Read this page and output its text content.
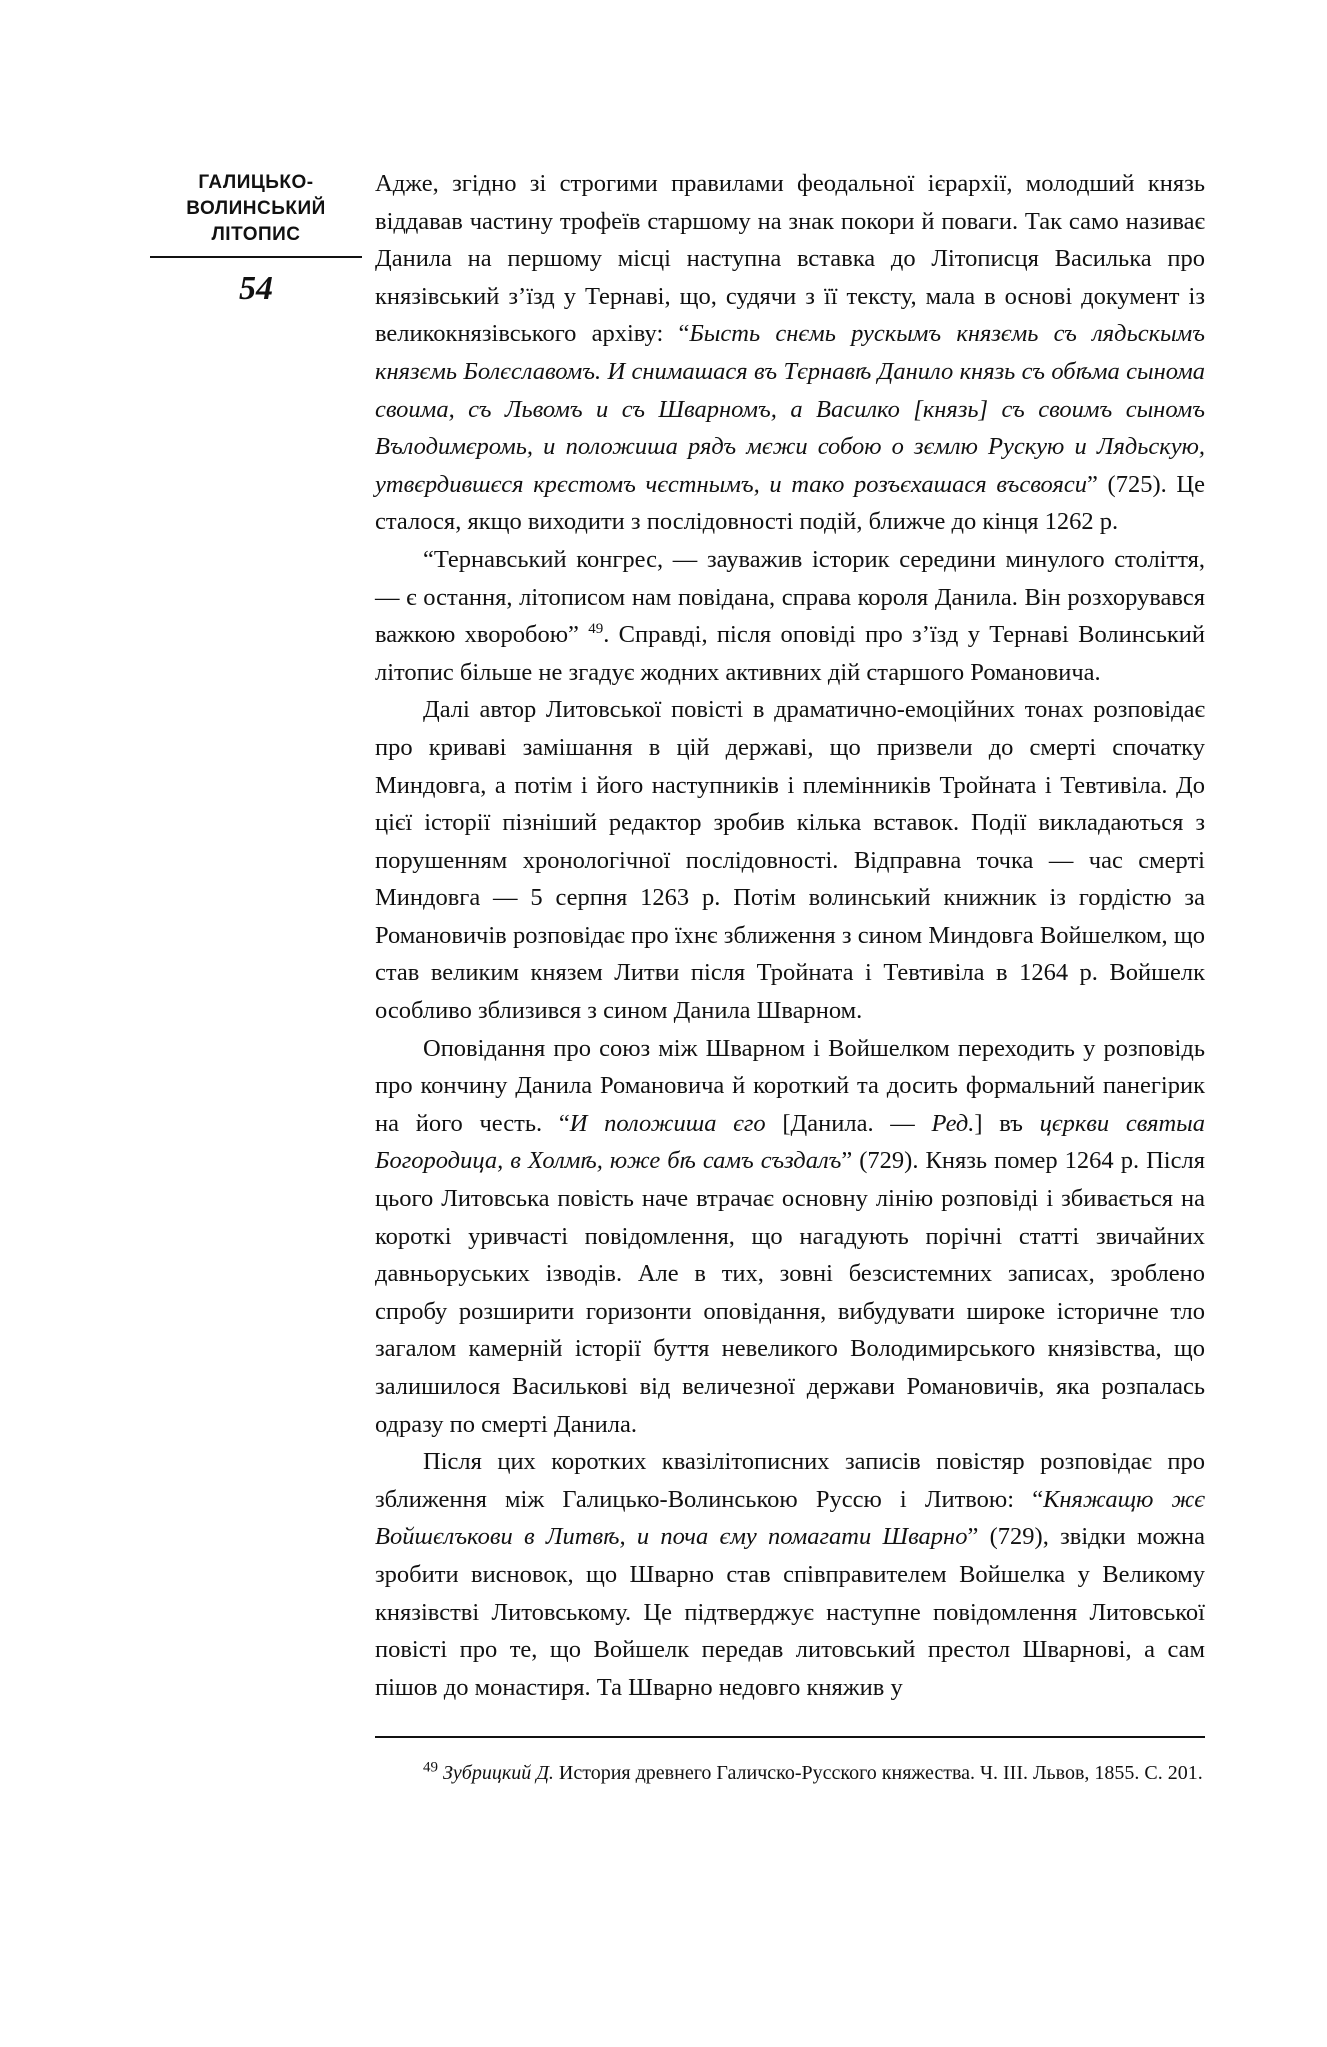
ГАЛИЦЬКО-
ВОЛИНСЬКИЙ
ЛІТОПИС
54

Адже, згідно зі строгими правилами феодальної ієрархії, молодший князь віддавав частину трофеїв старшому на знак покори й поваги. Так само називає Данила на першому місці наступна вставка до Літописця Василька про князівський з’їзд у Тернаві, що, судячи з її тексту, мала в основі документ із великокнязівського архіву: “Бысть снємь рускымъ князємь съ лядьскымъ князємь Болєславомъ. И снимашася въ Тєрнавѣ Данило князь съ обѣма сынома своима, съ Львомъ и съ Шварномъ, а Василко [князь] съ своимъ сыномъ Вълодимєромь, и положиша рядъ мєжи собою о зємлю Рускую и Лядьскую, утвєрдившєся крєстомъ чєстнымъ, и тако розъєхашася въсвояси” (725). Це сталося, якщо виходити з послідовності подій, ближче до кінця 1262 р.

“Тернавський конгрес, — зауважив історик середини минулого століття, — є остання, літописом нам повідана, справа короля Данила. Він розхорувався важкою хворобою” $^{49}$. Справді, після оповіді про з’їзд у Тернаві Волинський літопис більше не згадує жодних активних дій старшого Романовича.

Далі автор Литовської повісті в драматично-емоційних тонах розповідає про криваві замішання в цій державі, що призвели до смерті спочатку Миндовга, а потім і його наступників і племінників Тройната і Тевтивіла. До цієї історії пізніший редактор зробив кілька вставок. Події викладаються з порушенням хронологічної послідовності. Відправна точка — час смерті Миндовга — 5 серпня 1263 р. Потім волинський книжник із гордістю за Романовичів розповідає про їхнє зближення з сином Миндовга Войшелком, що став великим князем Литви після Тройната і Тевтивіла в 1264 р. Войшелк особливо зблизився з сином Данила Шварном.

Оповідання про союз між Шварном і Войшелком переходить у розповідь про кончину Данила Романовича й короткий та досить формальний панегірик на його честь. “И положиша єго [Данила. — Ред.] въ цєркви святыа Богородица, в Холмѣ, юже бѣ самъ създалъ” (729). Князь помер 1264 р. Після цього Литовська повість наче втрачає основну лінію розповіді і збивається на короткі уривчасті повідомлення, що нагадують порічні статті звичайних давньоруських ізводів. Але в тих, зовні безсистемних записах, зроблено спробу розширити горизонти оповідання, вибудувати широке історичне тло загалом камерній історії буття невеликого Володимирського князівства, що залишилося Васильковi від величезної держави Романовичів, яка розпалась одразу по смерті Данила.

Після цих коротких квазілітописних записів повістяр розповідає про зближення між Галицько-Волинською Руссю і Литвою: “Княжащю жє Войшєлъкови в Литвѣ, и почa єму помагати Шварно” (729), звідки можна зробити висновок, що Шварно став співправителем Войшелка у Великому князівстві Литовському. Це підтверджує наступне повідомлення Литовської повісті про те, що Войшелк передав литовський престол Шварнові, а сам пішов до монастиря. Та Шварно недовго княжив у

$^{49}$ Зубрицкий Д. История древнего Галичско-Русского княжества. Ч. III. Львов, 1855. С. 201.
